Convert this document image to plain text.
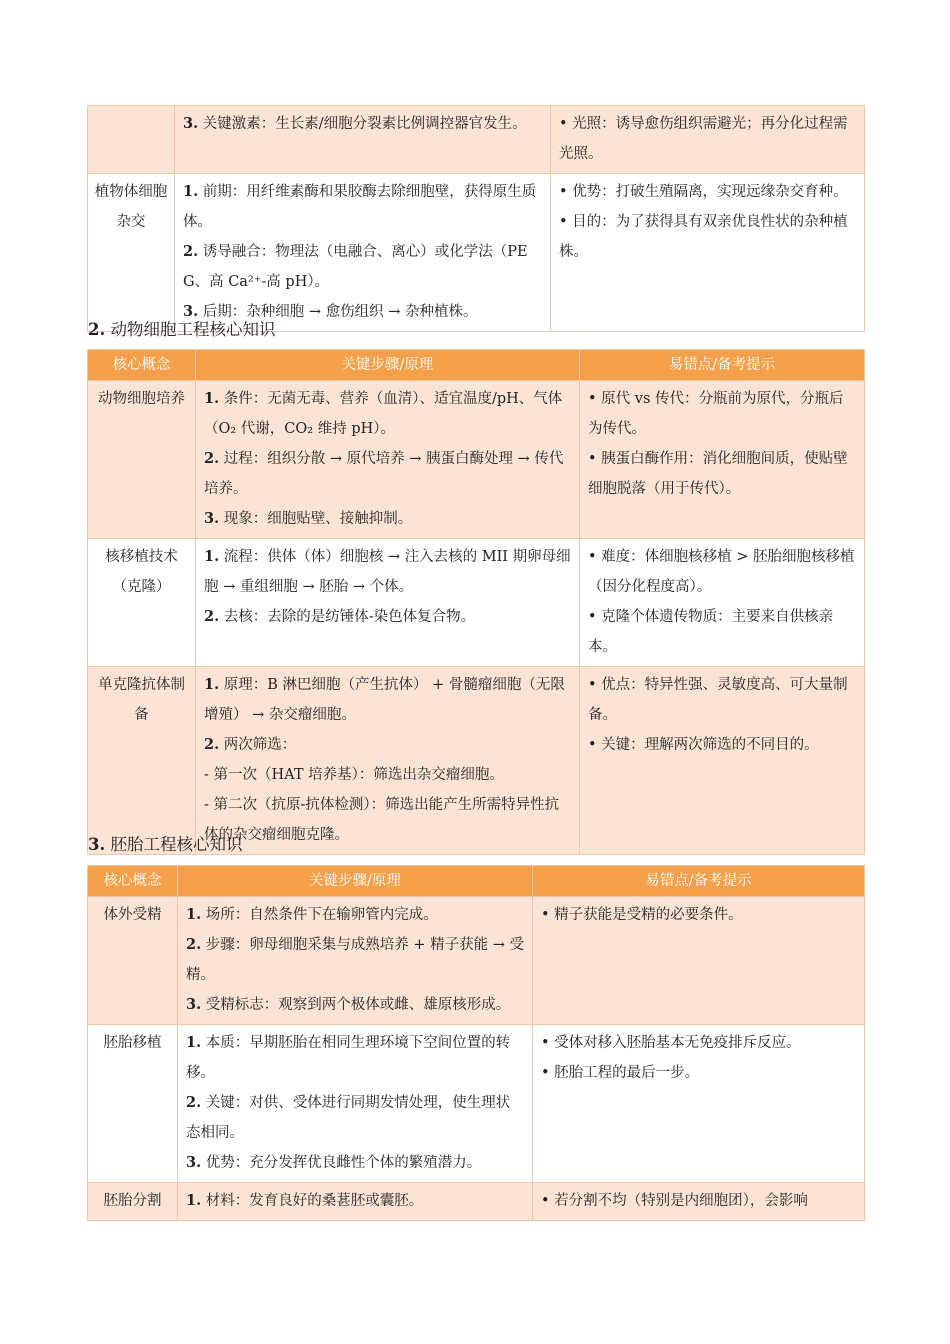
	3. 关键激素：生长素/细胞分裂素比例调控器官发生。	• 光照：诱导愈伤组织需避光；再分化过程需光照。

植物体细胞杂交	1. 前期：用纤维素酶和果胶酶去除细胞壁，获得原生质体。
2. 诱导融合：物理法（电融合、离心）或化学法（PEG、高 Ca²⁺-高 pH）。
3. 后期：杂种细胞 → 愈伤组织 → 杂种植株。	• 优势：打破生殖隔离，实现远缘杂交育种。
• 目的：为了获得具有双亲优良性状的杂种植株。
2. 动物细胞工程核心知识
核心概念	关键步骤/原理	易错点/备考提示
动物细胞培养	1. 条件：无菌无毒、营养（血清）、适宜温度/pH、气体（O₂ 代谢，CO₂ 维持 pH）。
2. 过程：组织分散 → 原代培养 → 胰蛋白酶处理 → 传代培养。
3. 现象：细胞贴壁、接触抑制。	• 原代 vs 传代：分瓶前为原代，分瓶后为传代。
• 胰蛋白酶作用：消化细胞间质，使贴壁细胞脱落（用于传代）。

核移植技术（克隆）	1. 流程：供体（体）细胞核 → 注入去核的 MII 期卵母细胞 → 重组细胞 → 胚胎 → 个体。
2. 去核：去除的是纺锤体-染色体复合物。	• 难度：体细胞核移植 > 胚胎细胞核移植（因分化程度高）。
• 克隆个体遗传物质：主要来自供核亲本。

单克隆抗体制备	1. 原理：B 淋巴细胞（产生抗体） + 骨髓瘤细胞（无限增殖） → 杂交瘤细胞。
2. 两次筛选：
- 第一次（HAT 培养基）：筛选出杂交瘤细胞。
- 第二次（抗原-抗体检测）：筛选出能产生所需特异性抗体的杂交瘤细胞克隆。	• 优点：特异性强、灵敏度高、可大量制备。
• 关键：理解两次筛选的不同目的。
3. 胚胎工程核心知识
核心概念	关键步骤/原理	易错点/备考提示
体外受精	1. 场所：自然条件下在输卵管内完成。
2. 步骤：卵母细胞采集与成熟培养 + 精子获能 → 受精。
3. 受精标志：观察到两个极体或雌、雄原核形成。	• 精子获能是受精的必要条件。

胚胎移植	1. 本质：早期胚胎在相同生理环境下空间位置的转移。
2. 关键：对供、受体进行同期发情处理，使生理状态相同。
3. 优势：充分发挥优良雌性个体的繁殖潜力。	• 受体对移入胚胎基本无免疫排斥反应。
• 胚胎工程的最后一步。

胚胎分割	1. 材料：发育良好的桑葚胚或囊胚。	• 若分割不均（特别是内细胞团），会影响
